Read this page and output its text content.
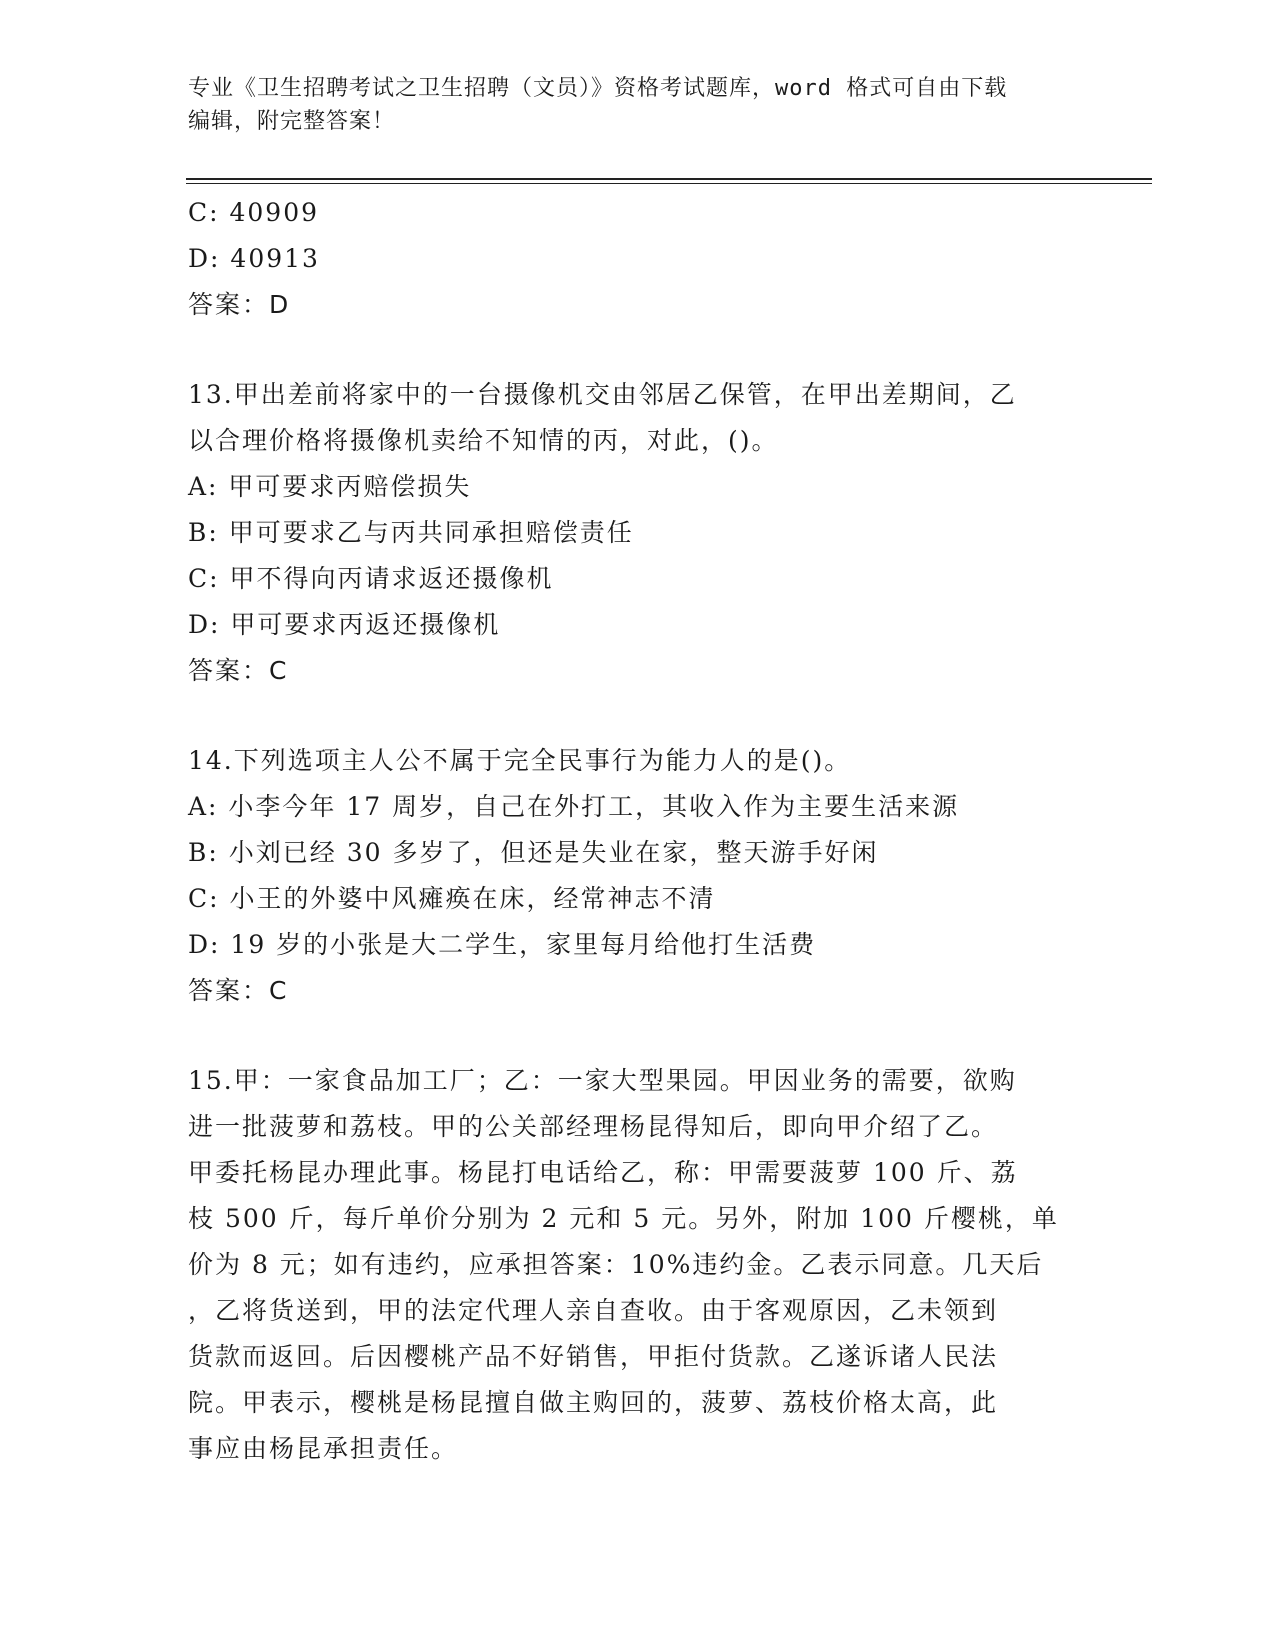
专业《卫生招聘考试之卫生招聘（文员）》资格考试题库，word 格式可自由下载
编辑，附完整答案！
C: 40909
D: 40913
答案：D
13.甲出差前将家中的一台摄像机交由邻居乙保管，在甲出差期间，乙
以合理价格将摄像机卖给不知情的丙，对此，()。
A: 甲可要求丙赔偿损失
B: 甲可要求乙与丙共同承担赔偿责任
C: 甲不得向丙请求返还摄像机
D: 甲可要求丙返还摄像机
答案：C
14.下列选项主人公不属于完全民事行为能力人的是()。
A: 小李今年 17 周岁，自己在外打工，其收入作为主要生活来源
B: 小刘已经 30 多岁了，但还是失业在家，整天游手好闲
C: 小王的外婆中风瘫痪在床，经常神志不清
D: 19 岁的小张是大二学生，家里每月给他打生活费
答案：C
15.甲：一家食品加工厂；乙：一家大型果园。甲因业务的需要，欲购
进一批菠萝和荔枝。甲的公关部经理杨昆得知后，即向甲介绍了乙。
甲委托杨昆办理此事。杨昆打电话给乙，称：甲需要菠萝 100 斤、荔
枝 500 斤，每斤单价分别为 2 元和 5 元。另外，附加 100 斤樱桃，单
价为 8 元；如有违约，应承担答案：10%违约金。乙表示同意。几天后
，乙将货送到，甲的法定代理人亲自查收。由于客观原因，乙未领到
货款而返回。后因樱桃产品不好销售，甲拒付货款。乙遂诉诸人民法
院。甲表示，樱桃是杨昆擅自做主购回的，菠萝、荔枝价格太高，此
事应由杨昆承担责任。
